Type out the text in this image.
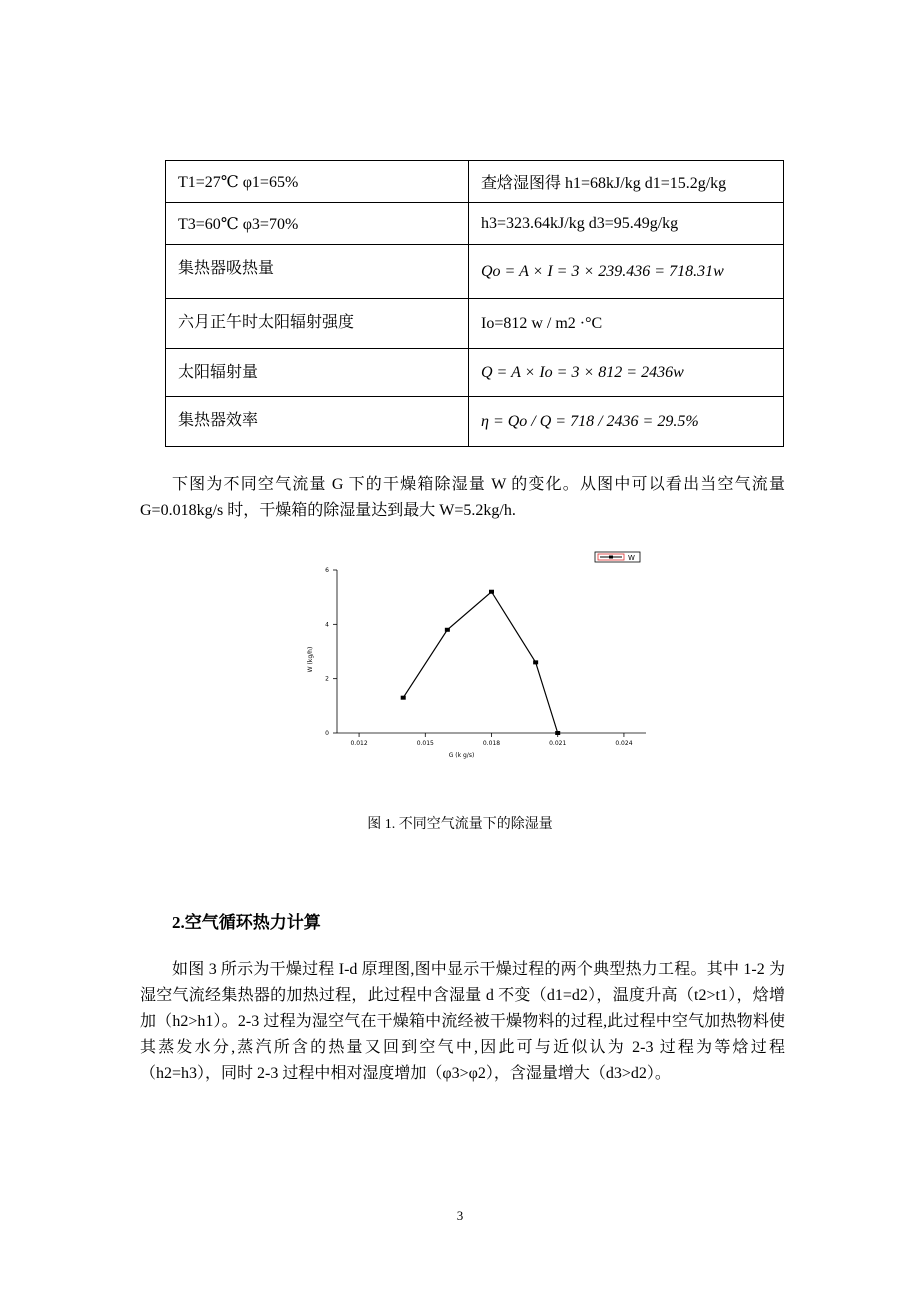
T1=27℃ φ1=65%	查焓湿图得 h1=68kJ/kg d1=15.2g/kg
T3=60℃ φ3=70%	h3=323.64kJ/kg d3=95.49g/kg
集热器吸热量	Qo = A × I = 3 × 239.436 = 718.31w
六月正午时太阳辐射强度	Io=812 w / m2 ·°C
太阳辐射量	Q = A × Io = 3 × 812 = 2436w
集热器效率	η = Qo / Q = 718 / 2436 = 29.5%

下图为不同空气流量 G 下的干燥箱除湿量 W 的变化。从图中可以看出当空气流量 G=0.018kg/s 时，干燥箱的除湿量达到最大 W=5.2kg/h.

0.012	0.015	0.018	0.021	0.024
0
2
4
6
G (k g/s)
W (kg/h)
W
图 1. 不同空气流量下的除湿量
2.空气循环热力计算

如图 3 所示为干燥过程 I-d 原理图,图中显示干燥过程的两个典型热力工程。其中 1-2 为湿空气流经集热器的加热过程，此过程中含湿量 d 不变（d1=d2），温度升高（t2>t1），焓增加（h2>h1）。2-3 过程为湿空气在干燥箱中流经被干燥物料的过程,此过程中空气加热物料使其蒸发水分,蒸汽所含的热量又回到空气中,因此可与近似认为 2-3 过程为等焓过程（h2=h3），同时 2-3 过程中相对湿度增加（φ3>φ2），含湿量增大（d3>d2）。

3
